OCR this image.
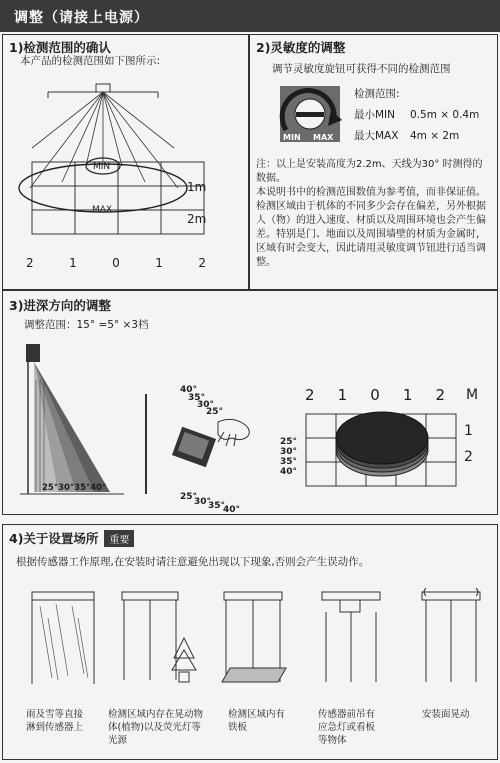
调整（请接上电源）
1)检测范围的确认
本产品的检测范围如下图所示:
MIN
MAX
1m
2m
2	1	0	1	2
2)灵敏度的调整
调节灵敏度旋钮可获得不同的检测范围
MIN MAX
检测范围:
最小MIN 0.5m × 0.4m
最大MAX 4m × 2m

注：以上是安装高度为2.2m、天线为30° 时测得的数据。

本说明书中的检测范围数值为参考值，而非保证值。

检测区域由于机体的不同多少会存在偏差，另外根据人（物）的进入速度、材质以及周围环境也会产生偏差。特别是门、地面以及周围墙壁的材质为金属时，区域有时会变大，因此请用灵敏度调节钮进行适当调整。

3)进深方向的调整
调整范围：15° =5° ×3档
25°30°35°40°
40°
35°
30°
25°
25°
30°
35°
40°
2 1 0 1 2 M
1
2
25°
30°
35°
40°
4)关于设置场所 重要
根据传感器工作原理,在安装时请注意避免出现以下现象,否则会产生误动作。
雨及雪等直接淋到传感器上
检测区域内存在晃动物体(植物)以及荧光灯等光源
检测区域内有铁板
传感器前吊有应急灯或看板等物体
安装面晃动
